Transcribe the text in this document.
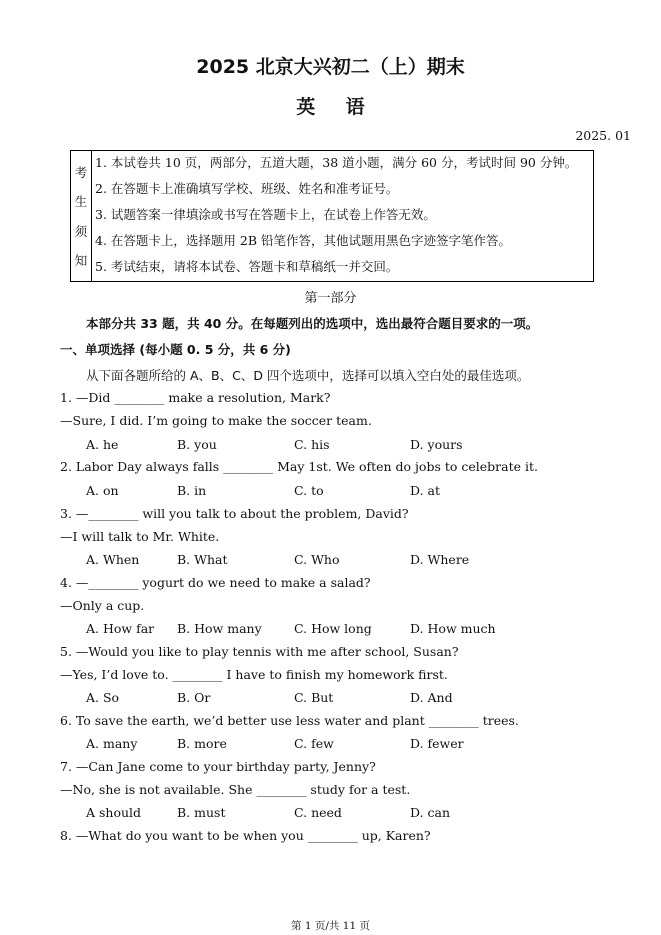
2025 北京大兴初二（上）期末
英语
2025. 01
考
生
须
知
1. 本试卷共 10 页，两部分，五道大题，38 道小题，满分 60 分，考试时间 90 分钟。
2. 在答题卡上准确填写学校、班级、姓名和准考证号。
3. 试题答案一律填涂或书写在答题卡上，在试卷上作答无效。
4. 在答题卡上，选择题用 2B 铅笔作答，其他试题用黑色字迹签字笔作答。
5. 考试结束，请将本试卷、答题卡和草稿纸一并交回。
第一部分
本部分共 33 题，共 40 分。在每题列出的选项中，选出最符合题目要求的一项。
一、单项选择 (每小题 0. 5 分，共 6 分)
从下面各题所给的 A、B、C、D 四个选项中，选择可以填入空白处的最佳选项。
1. —Did ________ make a resolution, Mark?
—Sure, I did. I’m going to make the soccer team.
A. he	B. you	C. his	D. yours
2. Labor Day always falls ________ May 1st. We often do jobs to celebrate it.
A. on	B. in	C. to	D. at
3. —________ will you talk to about the problem, David?
—I will talk to Mr. White.
A. When	B. What	C. Who	D. Where
4. —________ yogurt do we need to make a salad?
—Only a cup.
A. How far B. How many	C. How long	D. How much
5. —Would you like to play tennis with me after school, Susan?
—Yes, I’d love to. ________ I have to finish my homework first.
A. So	B. Or	C. But	D. And
6. To save the earth, we’d better use less water and plant ________ trees.
A. many	B. more	C. few	D. fewer
7. —Can Jane come to your birthday party, Jenny?
—No, she is not available. She ________ study for a test.
A should	B. must	C. need	D. can
8. —What do you want to be when you ________ up, Karen?
第 1 页/共 11 页
